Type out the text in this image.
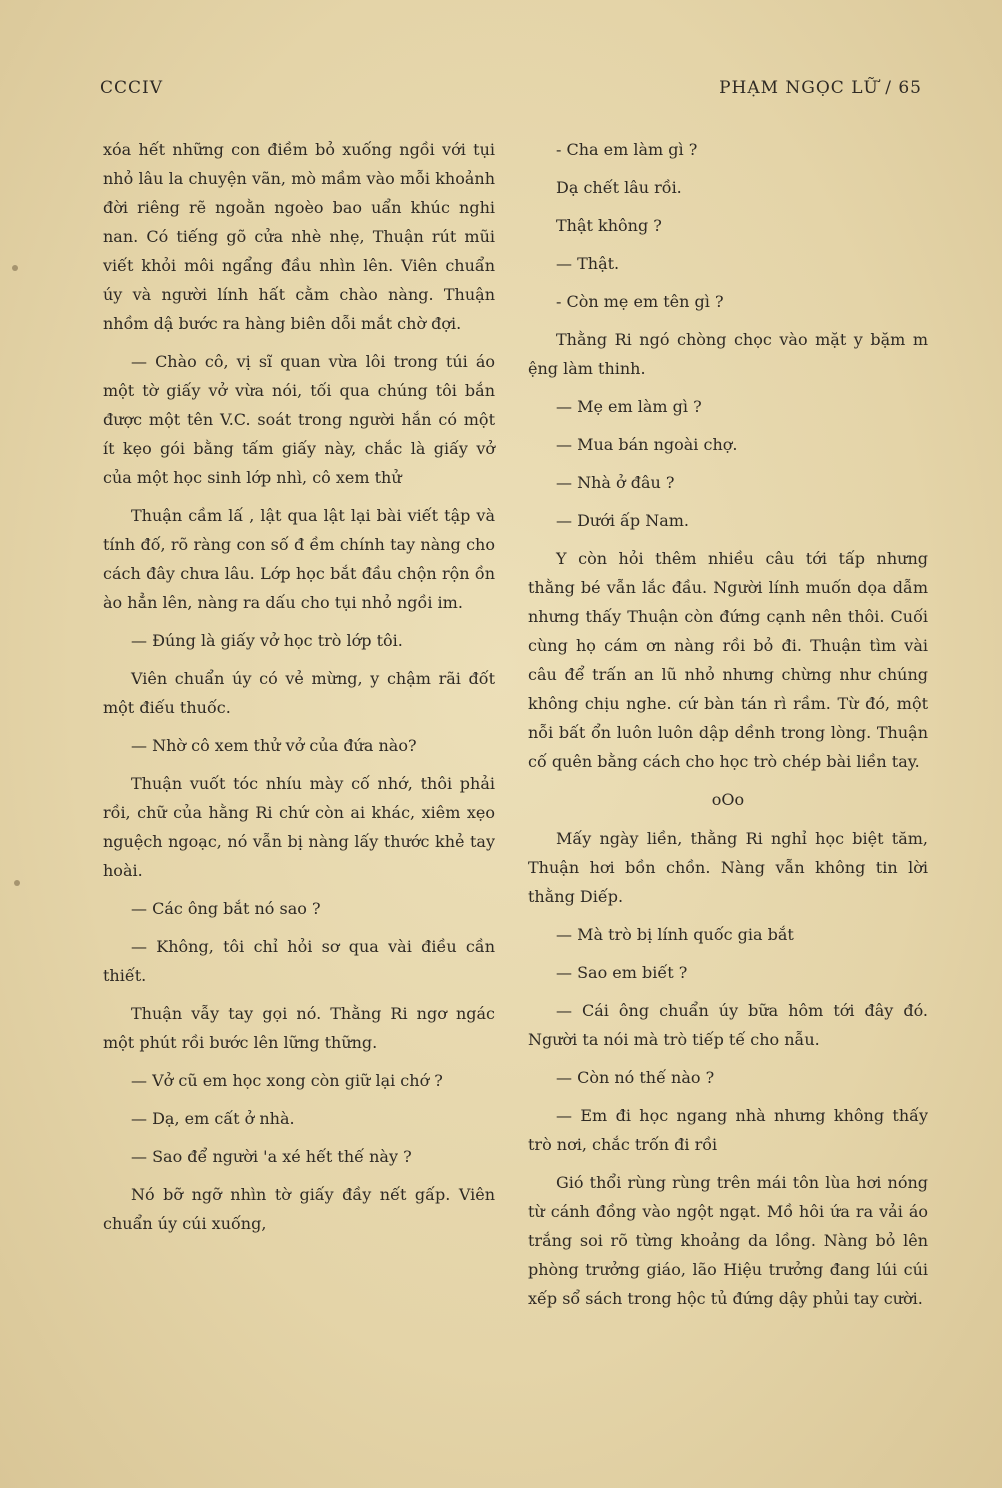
CCCIV	PHẠM NGỌC LỮ / 65

xóa hết những con điềm bỏ xuống ngồi với tụi nhỏ lâu la chuyện vãn, mò mầm vào mỗi khoảnh đời riêng rẽ ngoằn ngoèo bao uẩn khúc nghi nan. Có tiếng gõ cửa nhè nhẹ, Thuận rút mũi viết khỏi môi ngẩng đầu nhìn lên. Viên chuẩn úy và người lính hất cằm chào nàng. Thuận nhồm dậ bước ra hàng biên dỗi mắt chờ đợi.

— Chào cô, vị sĩ quan vừa lôi trong túi áo một tờ giấy vở vừa nói, tối qua chúng tôi bắn được một tên V.C. soát trong người hắn có một ít kẹo gói bằng tấm giấy này, chắc là giấy vở của một học sinh lớp nhì, cô xem thử

Thuận cầm lấ , lật qua lật lại bài viết tập và tính đố, rõ ràng con số đ ềm chính tay nàng cho cách đây chưa lâu. Lớp học bắt đầu chộn rộn ồn ào hẳn lên, nàng ra dấu cho tụi nhỏ ngồi im.

— Đúng là giấy vở học trò lớp tôi.

Viên chuẩn úy có vẻ mừng, y chậm rãi đốt một điếu thuốc.

— Nhờ cô xem thử vở của đứa nào?

Thuận vuốt tóc nhíu mày cố nhớ, thôi phải rồi, chữ của hằng Ri chứ còn ai khác, xiêm xẹo nguệch ngoạc, nó vẫn bị nàng lấy thước khẻ tay hoài.

— Các ông bắt nó sao ?

— Không, tôi chỉ hỏi sơ qua vài điều cần thiết.

Thuận vẫy tay gọi nó. Thằng Ri ngơ ngác một phút rồi bước lên lững thững.

— Vở cũ em học xong còn giữ lại chớ ?

— Dạ, em cất ở nhà.

— Sao để người 'a xé hết thế này ?

Nó bỡ ngỡ nhìn tờ giấy đầy nết gấp. Viên chuẩn úy cúi xuống,

- Cha em làm gì ?

Dạ chết lâu rồi.

Thật không ?

— Thật.

- Còn mẹ em tên gì ?

Thằng Ri ngó chòng chọc vào mặt y bặm m ệng làm thinh.

— Mẹ em làm gì ?

— Mua bán ngoài chợ.

— Nhà ở đâu ?

— Dưới ấp Nam.

Y còn hỏi thêm nhiều câu tới tấp nhưng thằng bé vẫn lắc đầu. Người lính muốn dọa dẫm nhưng thấy Thuận còn đứng cạnh nên thôi. Cuối cùng họ cám ơn nàng rồi bỏ đi. Thuận tìm vài câu để trấn an lũ nhỏ nhưng chừng như chúng không chịu nghe. cứ bàn tán rì rầm. Từ đó, một nỗi bất ổn luôn luôn dập dềnh trong lòng. Thuận cố quên bằng cách cho học trò chép bài liền tay.

oOo

Mấy ngày liền, thằng Ri nghỉ học biệt tăm, Thuận hơi bồn chồn. Nàng vẫn không tin lời thằng Diếp.

— Mà trò bị lính quốc gia bắt

— Sao em biết ?

— Cái ông chuẩn úy bữa hôm tới đây đó. Người ta nói mà trò tiếp tế cho nẫu.

— Còn nó thế nào ?

— Em đi học ngang nhà nhưng không thấy trò nơi, chắc trốn đi rồi

Gió thổi rùng rùng trên mái tôn lùa hơi nóng từ cánh đồng vào ngột ngạt. Mồ hôi ứa ra vải áo trắng soi rõ từng khoảng da lồng. Nàng bỏ lên phòng trưởng giáo, lão Hiệu trưởng đang lúi cúi xếp sổ sách trong hộc tủ đứng dậy phủi tay cười.
